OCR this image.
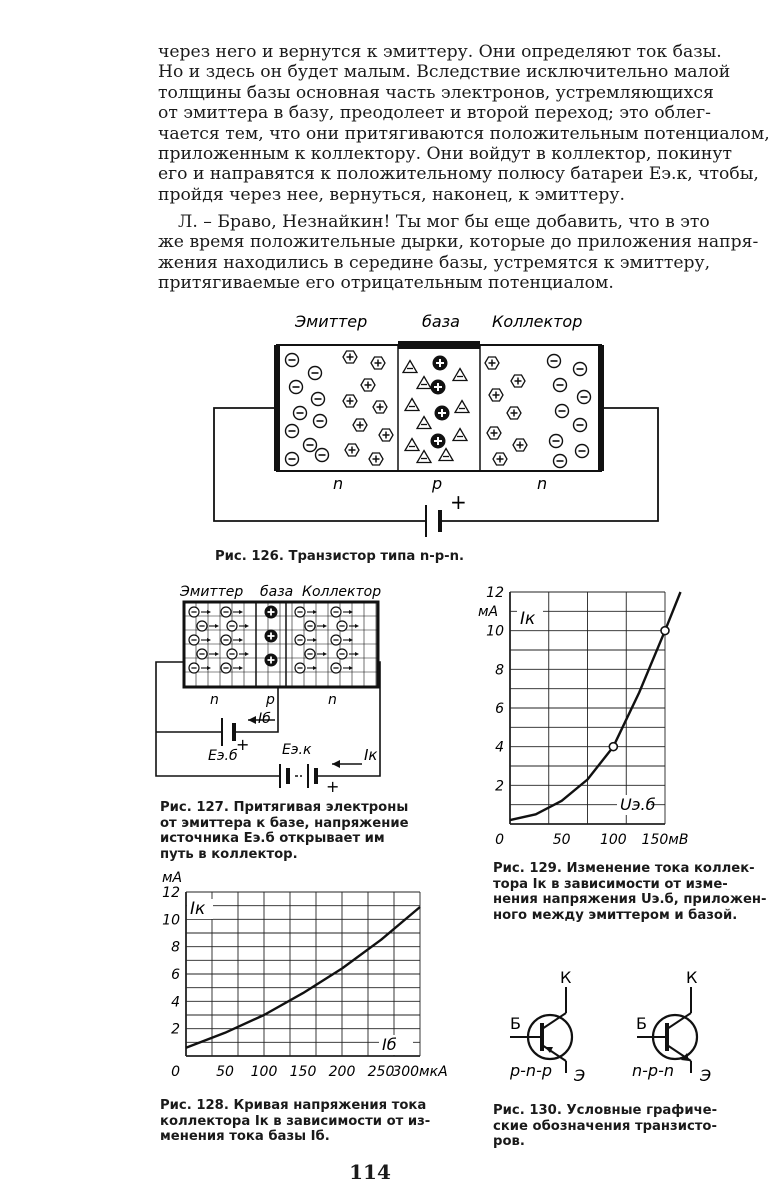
через него и вернутся к эмиттеру. Они определяют ток базы.
Но и здесь он будет малым. Вследствие исключительно малой
толщины базы основная часть электронов, устремляющихся
от эмиттера в базу, преодолеет и второй переход; это облег-
чается тем, что они притягиваются положительным потенциалом,
приложенным к коллектору. Они войдут в коллектор, покинут
его и направятся к положительному полюсу батареи Eэ.к, чтобы,
пройдя через нее, вернуться, наконец, к эмиттеру.
Л. – Браво, Незнайкин! Ты мог бы еще добавить, что в это
же время положительные дырки, которые до приложения напря-
жения находились в середине базы, устремятся к эмиттеру,
притягиваемые его отрицательным потенциалом.
Эмиттер	база Коллектор
+
n	p	n

Рис. 126. Транзистор типа n-p-n.

Эмиттер база Коллектор
n	p	n
Iб
Eэ.б	Eэ.к	Iк
+
+

Рис. 127. Притягивая электроны
от эмиттера к базе, напряжение
источника Eэ.б открывает им
путь в коллектор.

2
4
6
8
10
12
0	50 100 150 200 250
300мкА
мА
Iк
Iб

Рис. 128. Кривая напряжения тока
коллектора Iк в зависимости от из-
менения тока базы Iб.

2
4
6
8
10
12
0	50 100 150мВ
мА Iк
Uэ.б

Рис. 129. Изменение тока коллек-
тора Iк в зависимости от изме-
нения напряжения Uэ.б, приложен-
ного между эмиттером и базой.

К
Б
Э
p-n-p
К
Б
Э
n-p-n

Рис. 130. Условные графиче-
ские обозначения транзисто-
ров.

114
